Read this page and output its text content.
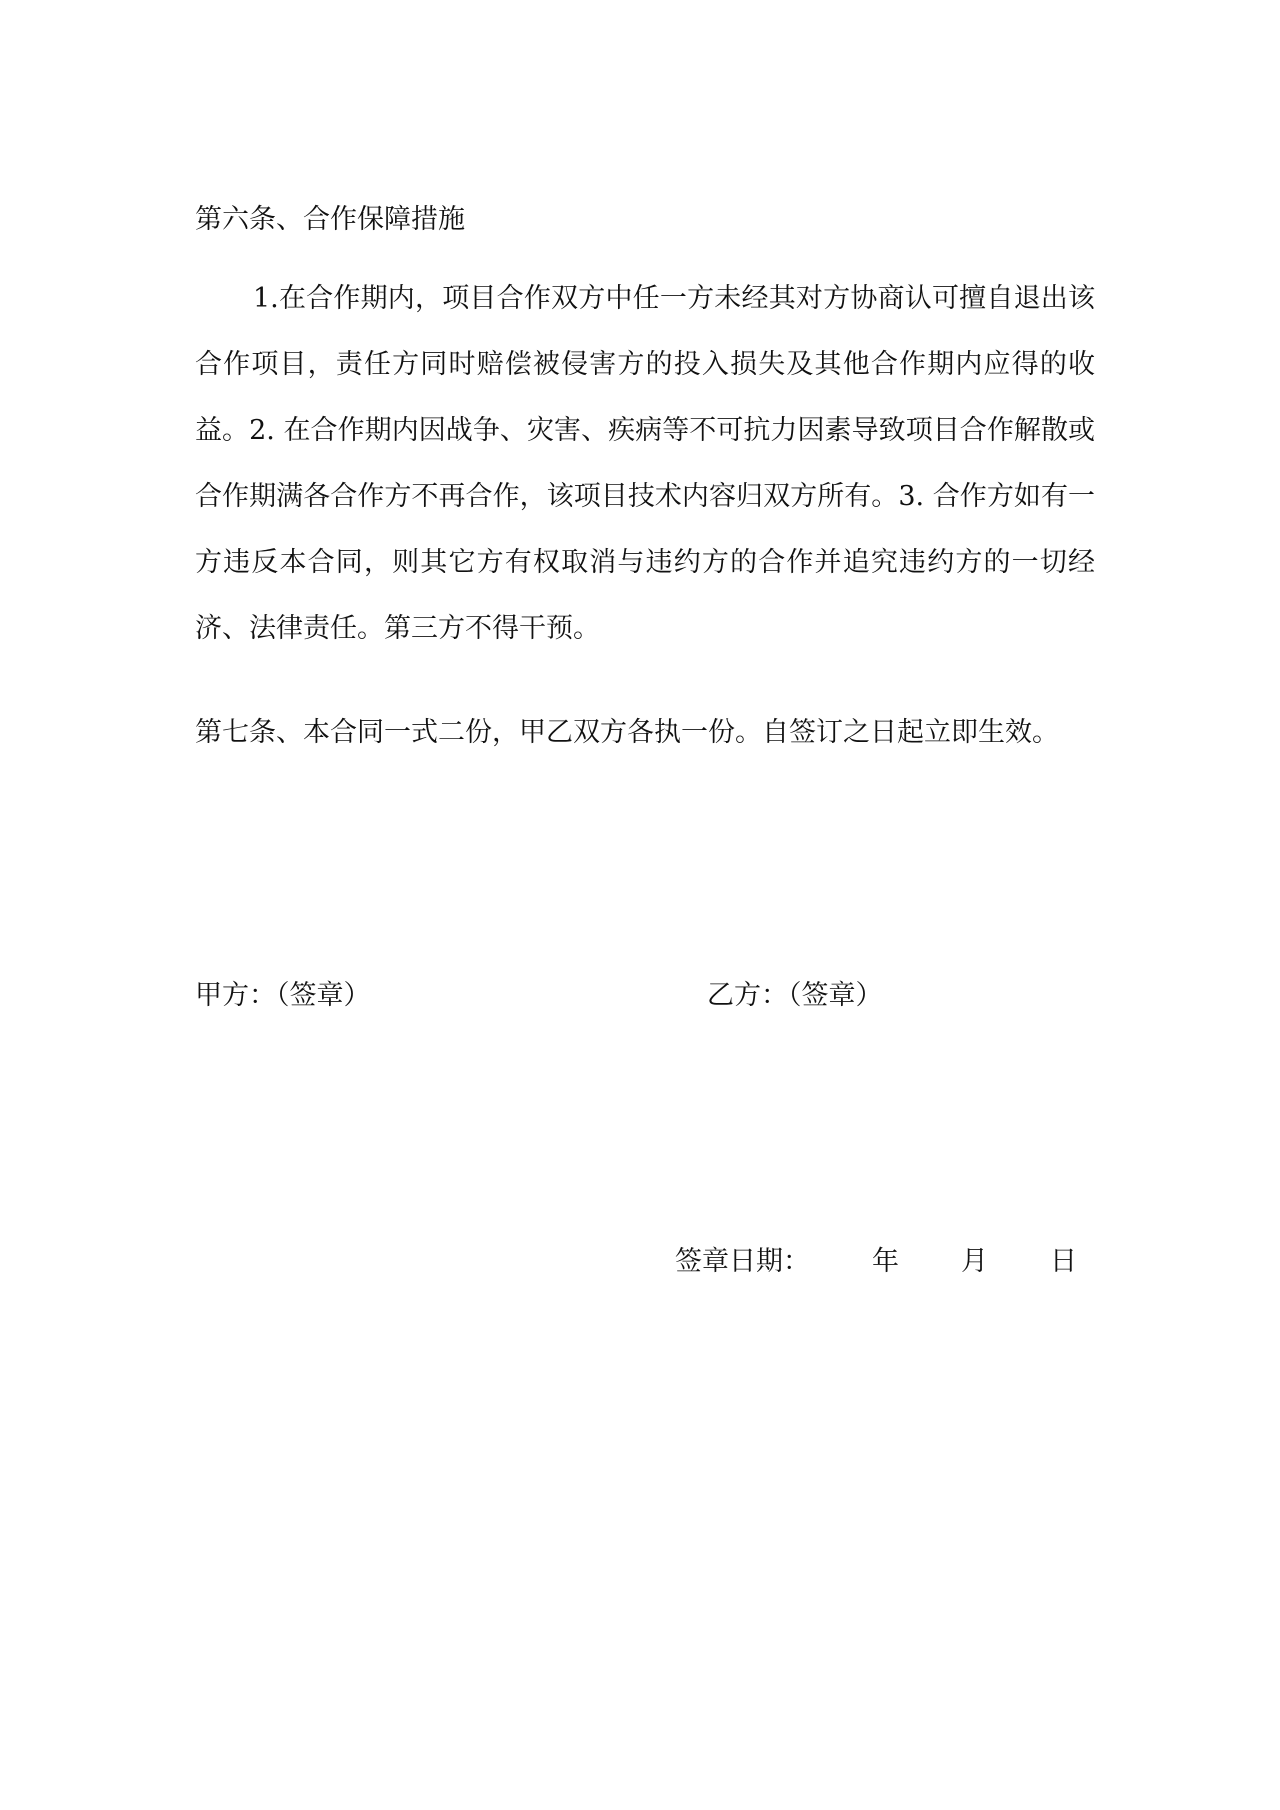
第六条、合作保障措施

1.在合作期内，项目合作双方中任一方未经其对方协商认可擅自退出该合作项目，责任方同时赔偿被侵害方的投入损失及其他合作期内应得的收益。2. 在合作期内因战争、灾害、疾病等不可抗力因素导致项目合作解散或合作期满各合作方不再合作，该项目技术内容归双方所有。3. 合作方如有一方违反本合同，则其它方有权取消与违约方的合作并追究违约方的一切经济、法律责任。第三方不得干预。

第七条、本合同一式二份，甲乙双方各执一份。自签订之日起立即生效。

甲方：（签章）	乙方：（签章）
签章日期： 年 月 日
